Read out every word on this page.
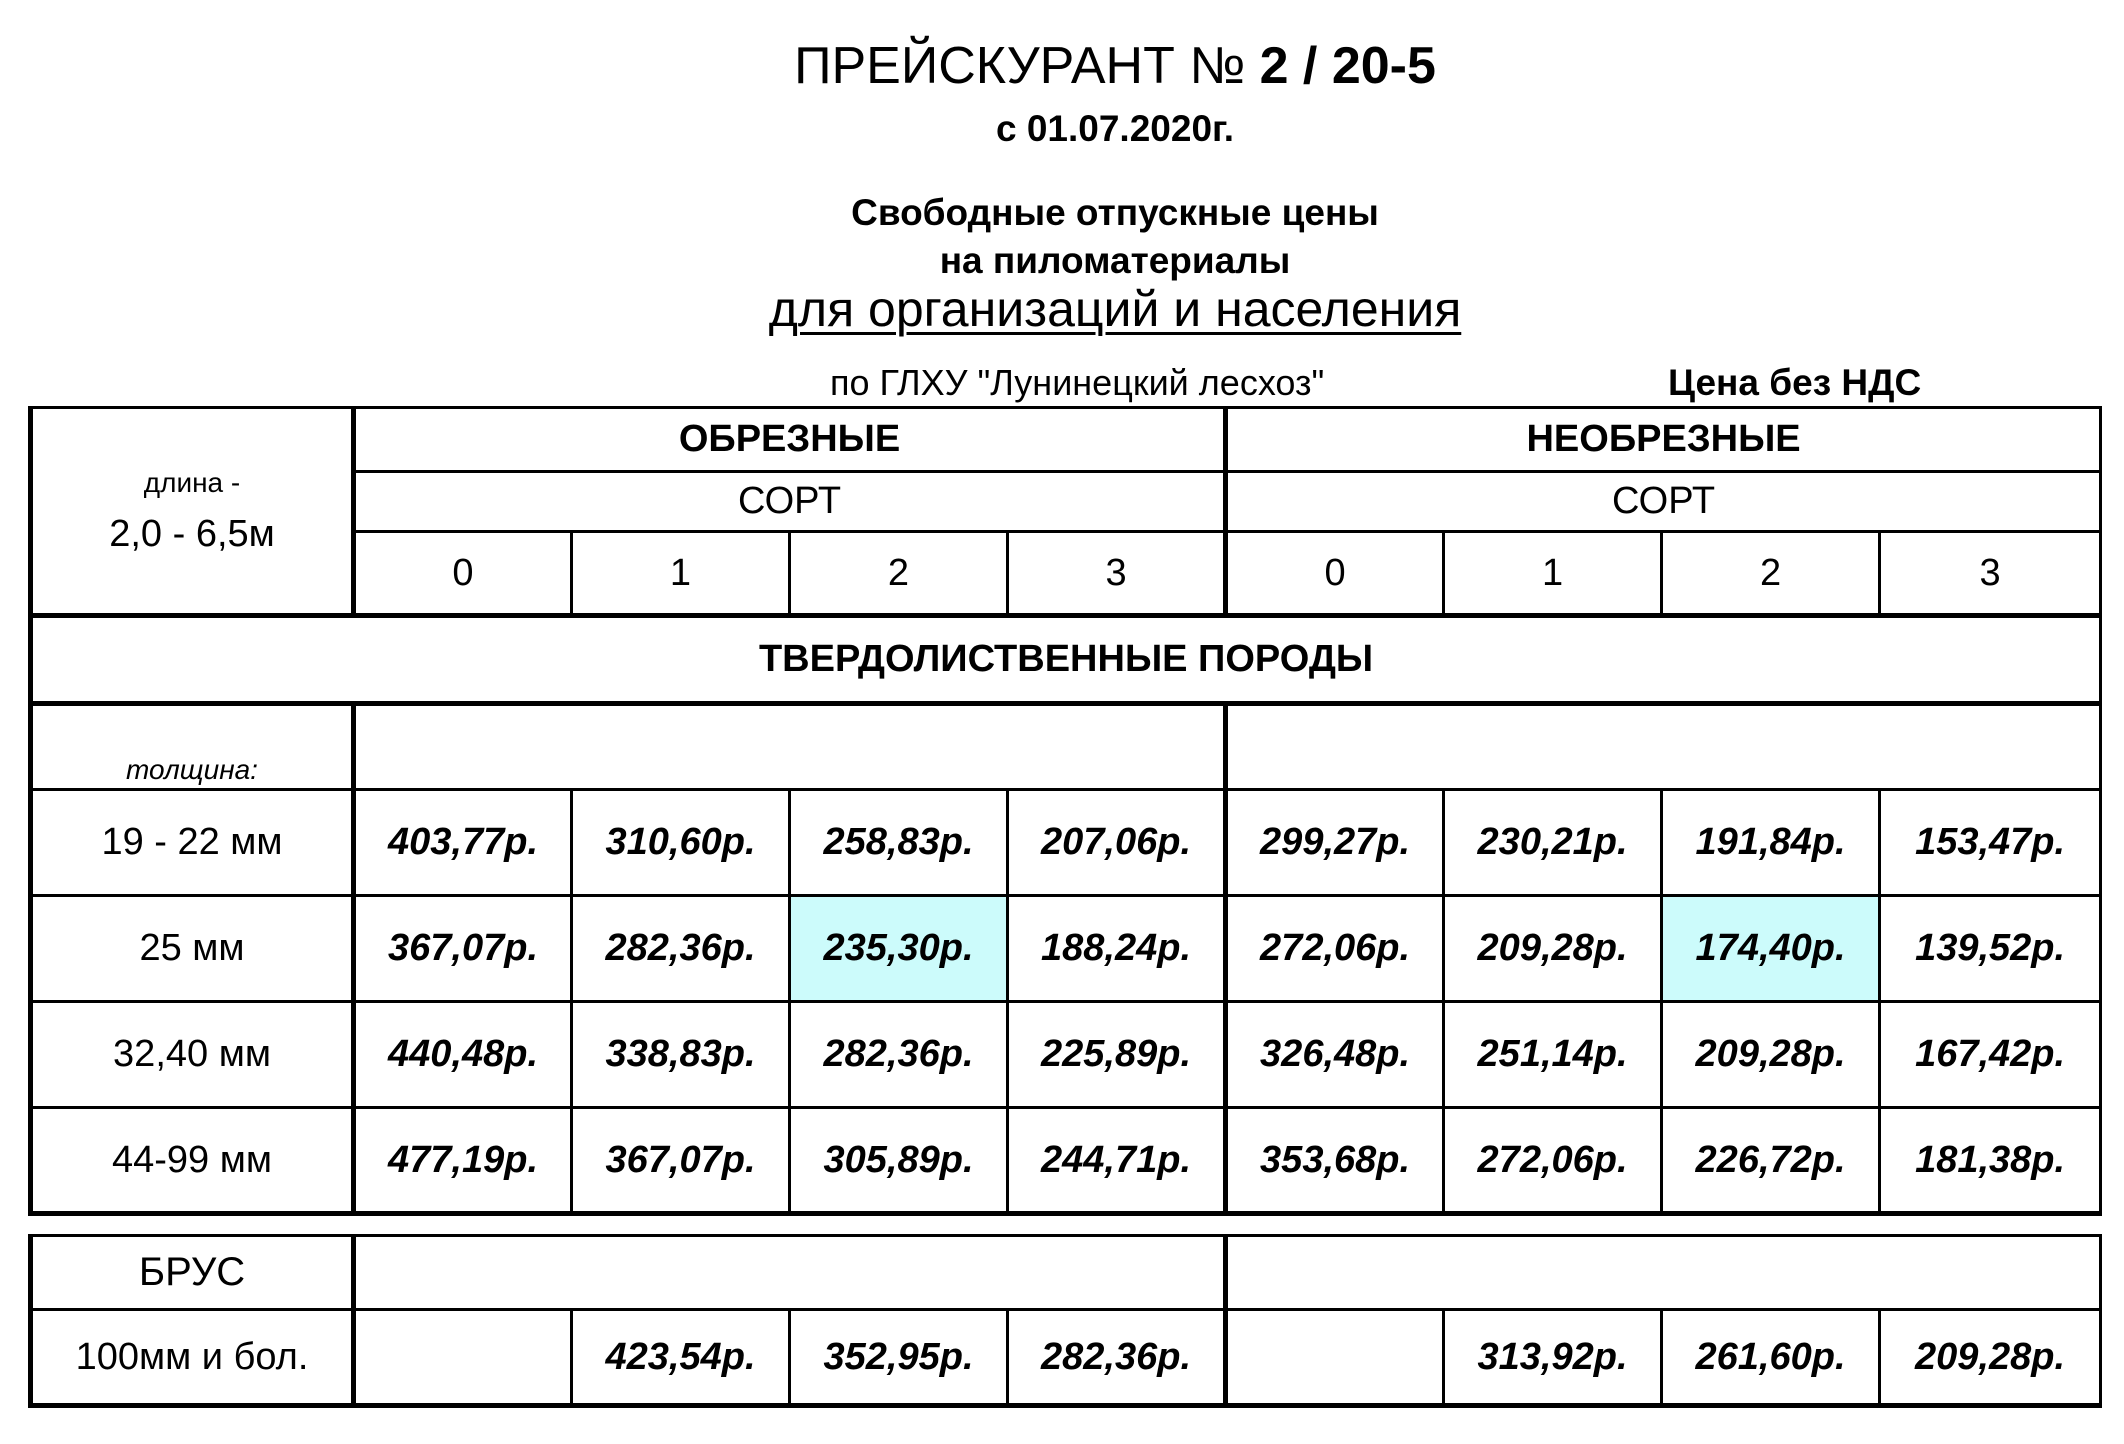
ПРЕЙСКУРАНТ № 2 / 20-5
с 01.07.2020г.
Свободные отпускные цены
на пиломатериалы
для организаций и населения
по ГЛХУ "Лунинецкий лесхоз"	Цена без НДС
длина -
2,0 - 6,5м	ОБРЕЗНЫЕ				НЕОБРЕЗНЫЕ			
	СОРТ				СОРТ			
	0	1	2	3	0	1	2	3
ТВЕРДОЛИСТВЕННЫЕ ПОРОДЫ								

толщина:								

19 - 22 мм	403,77р.	310,60р.	258,83р.	207,06р.	299,27р.	230,21р.	191,84р.	153,47р.
25 мм	367,07р.	282,36р.	235,30р.	188,24р.	272,06р.	209,28р.	174,40р.	139,52р.
32,40 мм	440,48р.	338,83р.	282,36р.	225,89р.	326,48р.	251,14р.	209,28р.	167,42р.
44-99 мм	477,19р.	367,07р.	305,89р.	244,71р.	353,68р.	272,06р.	226,72р.	181,38р.
БРУС								
100мм и бол.		423,54р.	352,95р.	282,36р.		313,92р.	261,60р.	209,28р.
